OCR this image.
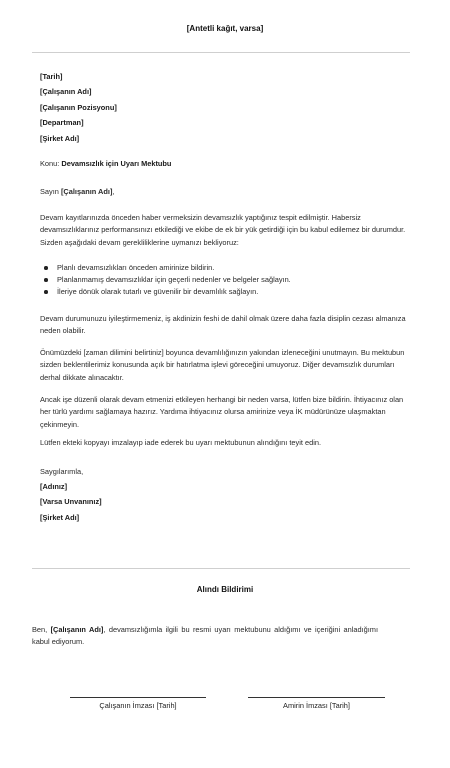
[Antetli kağıt, varsa]
[Tarih]
[Çalışanın Adı]
[Çalışanın Pozisyonu]
[Departman]
[Şirket Adı]
Konu: Devamsızlık için Uyarı Mektubu
Sayın [Çalışanın Adı],
Devam kayıtlarınızda önceden haber vermeksizin devamsızlık yaptığınız tespit edilmiştir. Habersiz devamsızlıklarınız performansınızı etkilediği ve ekibe de ek bir yük getirdiği için bu kabul edilemez bir durumdur. Sizden aşağıdaki devam gerekliliklerine uymanızı bekliyoruz:
Planlı devamsızlıkları önceden amirinize bildirin.
Planlanmamış devamsızlıklar için geçerli nedenler ve belgeler sağlayın.
İleriye dönük olarak tutarlı ve güvenilir bir devamlılık sağlayın.
Devam durumunuzu iyileştirmemeniz, iş akdinizin feshi de dahil olmak üzere daha fazla disiplin cezası almanıza neden olabilir.
Önümüzdeki [zaman dilimini belirtiniz] boyunca devamlılığınızın yakından izleneceğini unutmayın. Bu mektubun sizden beklentilerimiz konusunda açık bir hatırlatma işlevi göreceğini umuyoruz. Diğer devamsızlık durumları derhal dikkate alınacaktır.
Ancak işe düzenli olarak devam etmenizi etkileyen herhangi bir neden varsa, lütfen bize bildirin. İhtiyacınız olan her türlü yardımı sağlamaya hazırız. Yardıma ihtiyacınız olursa amirinize veya İK müdürünüze ulaşmaktan çekinmeyin.
Lütfen ekteki kopyayı imzalayıp iade ederek bu uyarı mektubunun alındığını teyit edin.
Saygılarımla,
[Adınız]
[Varsa Unvanınız]
[Şirket Adı]
Alındı Bildirimi
Ben, [Çalışanın Adı], devamsızlığımla ilgili bu resmi uyarı mektubunu aldığımı ve içeriğini anladığımı kabul ediyorum.
Çalışanın İmzası [Tarih]	Amirin İmzası [Tarih]
